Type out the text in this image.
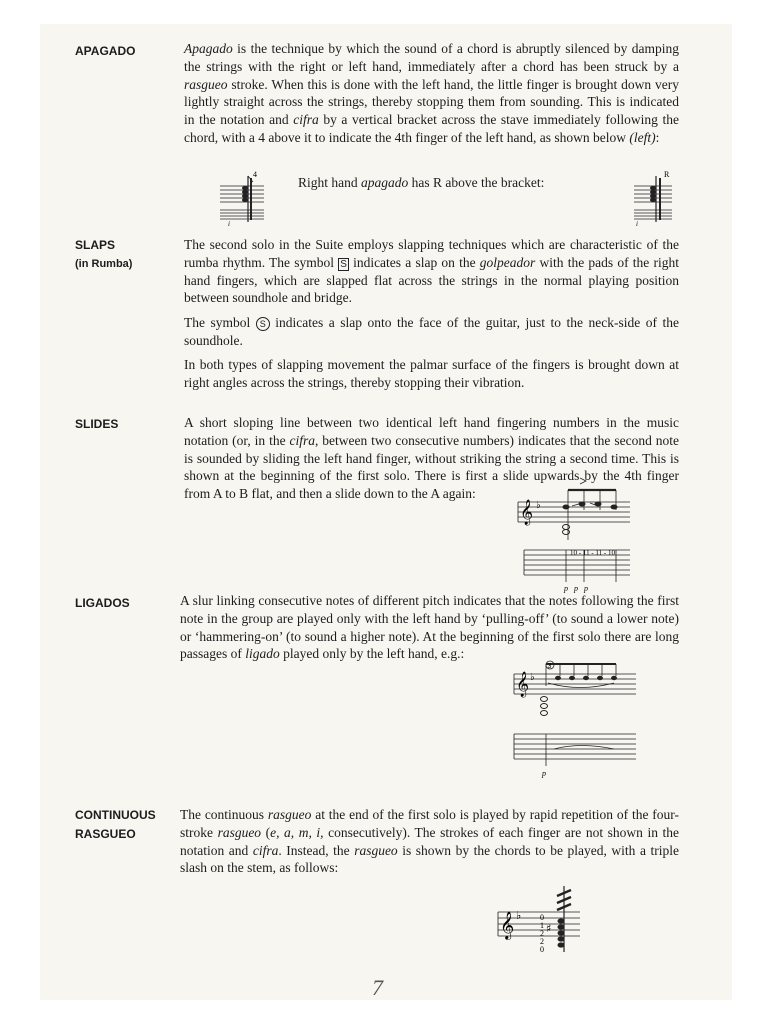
APAGADO	Apagado is the technique by which the sound of a chord is abruptly silenced by damping the strings with the right or left hand, immediately after a chord has been struck by a rasgueo stroke. When this is done with the left hand, the little finger is brought down very lightly straight across the strings, thereby stopping them from sounding. This is indicated in the notation and cifra by a vertical bracket across the stave immediately following the chord, with a 4 above it to indicate the 4th finger of the left hand, as shown below (left):

4
i

Right hand apagado has R above the bracket:

R
i
SLAPS
(in Rumba)

The second solo in the Suite employs slapping techniques which are characteristic of the rumba rhythm. The symbol S indicates a slap on the golpeador with the pads of the right hand fingers, which are slapped flat across the strings in the normal playing position between soundhole and bridge.

The symbol S indicates a slap onto the face of the guitar, just to the neck-side of the soundhole.

In both types of slapping movement the palmar surface of the fingers is brought down at right angles across the strings, thereby stopping their vibration.

SLIDES	A short sloping line between two identical left hand fingering numbers in the music notation (or, in the cifra, between two consecutive numbers) indicates that the second note is sounded by sliding the left hand finger, without striking the string a second time. This is shown at the beginning of the first solo. There is first a slide upwards by the 4th finger from A to B flat, and then a slide down to the A again:

𝄞 ♭
10 - 11 - 11 - 10
p   p   p
LIGADOS	A slur linking consecutive notes of different pitch indicates that the notes following the first note in the group are played only with the left hand by ‘pulling-off’ (to sound a lower note) or ‘hammering-on’ (to sound a higher note). At the beginning of the first solo there are long passages of ligado played only by the left hand, e.g.:

𝄞 ♭
3
p
CONTINUOUS
RASGUEO

The continuous rasgueo at the end of the first solo is played by rapid repetition of the four-stroke rasgueo (e, a, m, i, consecutively). The strokes of each finger are not shown in the notation and cifra. Instead, the rasgueo is shown by the chords to be played, with a triple slash on the stem, as follows:

𝄞 ♭
♯
0
1
2
2
0
7
